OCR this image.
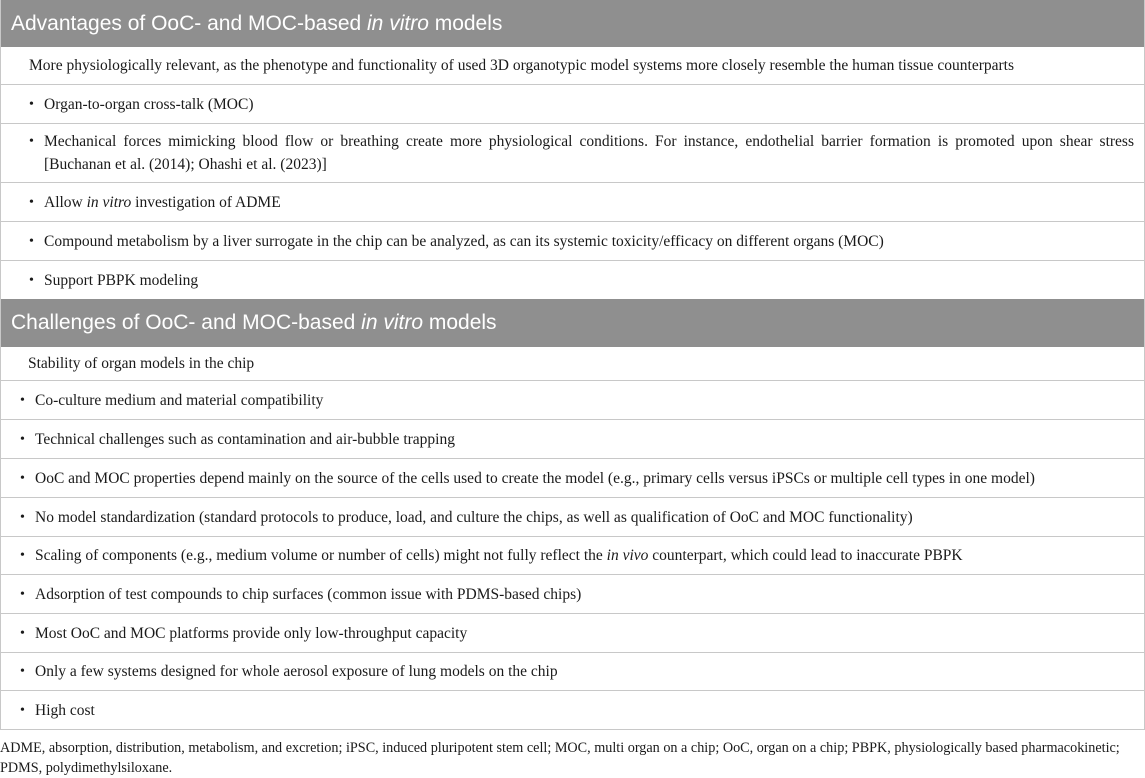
Advantages of OoC- and MOC-based in vitro models
More physiologically relevant, as the phenotype and functionality of used 3D organotypic model systems more closely resemble the human tissue counterparts
• Organ-to-organ cross-talk (MOC)
• Mechanical forces mimicking blood flow or breathing create more physiological conditions. For instance, endothelial barrier formation is promoted upon shear stress [Buchanan et al. (2014); Ohashi et al. (2023)]
• Allow in vitro investigation of ADME
• Compound metabolism by a liver surrogate in the chip can be analyzed, as can its systemic toxicity/efficacy on different organs (MOC)
• Support PBPK modeling
Challenges of OoC- and MOC-based in vitro models
Stability of organ models in the chip
• Co-culture medium and material compatibility
• Technical challenges such as contamination and air-bubble trapping
• OoC and MOC properties depend mainly on the source of the cells used to create the model (e.g., primary cells versus iPSCs or multiple cell types in one model)
• No model standardization (standard protocols to produce, load, and culture the chips, as well as qualification of OoC and MOC functionality)
• Scaling of components (e.g., medium volume or number of cells) might not fully reflect the in vivo counterpart, which could lead to inaccurate PBPK
• Adsorption of test compounds to chip surfaces (common issue with PDMS-based chips)
• Most OoC and MOC platforms provide only low-throughput capacity
• Only a few systems designed for whole aerosol exposure of lung models on the chip
• High cost
ADME, absorption, distribution, metabolism, and excretion; iPSC, induced pluripotent stem cell; MOC, multi organ on a chip; OoC, organ on a chip; PBPK, physiologically based pharmacokinetic; PDMS, polydimethylsiloxane.
